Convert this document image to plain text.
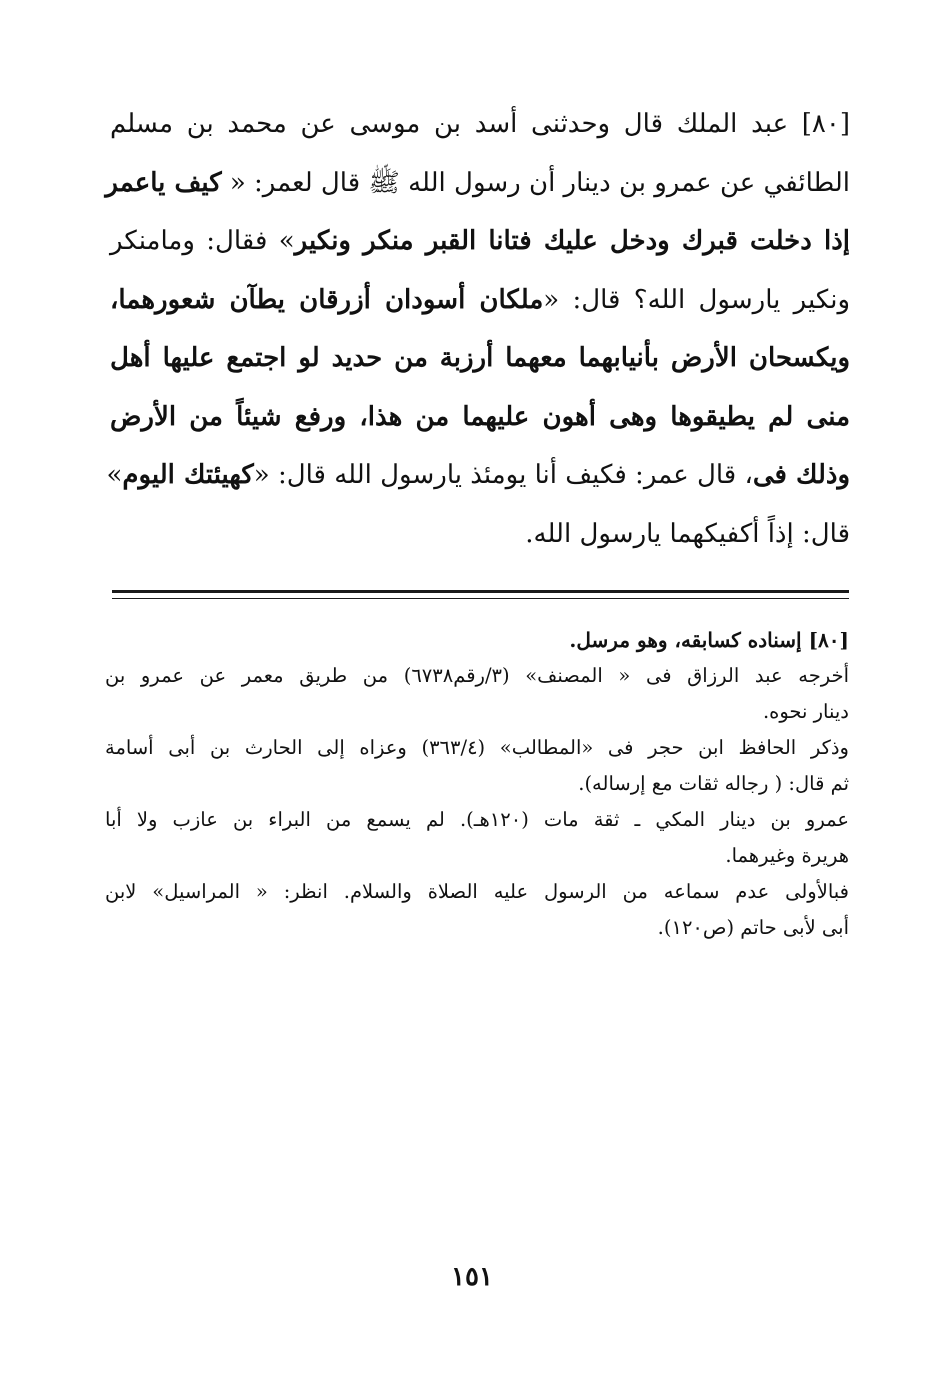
[٨٠] عبد الملك قال وحدثنى أسد بن موسى عن محمد بن مسلم
الطائفي عن عمرو بن دينار أن رسول الله ﷺ قال لعمر: « كيف ياعمر
إذا دخلت قبرك ودخل عليك فتانا القبر منكر ونكير» فقال: ومامنكر
ونكير يارسول الله؟ قال: «ملكان أسودان أزرقان يطآن شعورهما،
ويكسحان الأرض بأنيابهما معهما أرزبة من حديد لو اجتمع عليها أهل
منى لم يطيقوها وهى أهون عليهما من هذا، ورفع شيئاً من الأرض
وذلك فى، قال عمر: فكيف أنا يومئذ يارسول الله قال: «كهيئتك اليوم»
قال: إذاً أكفيكهما يارسول الله.
[٨٠] إسناده كسابقه، وهو مرسل.
أخرجه عبد الرزاق فى « المصنف» (٣/رقم٦٧٣٨) من طريق معمر عن عمرو بن
دينار نحوه.
وذكر الحافظ ابن حجر فى «المطالب» (٣٦٣/٤) وعزاه إلى الحارث بن أبى أسامة
ثم قال: ( رجاله ثقات مع إرساله).
عمرو بن دينار المكي ـ ثقة مات (١٢٠هـ). لم يسمع من البراء بن عازب ولا أبا
هريرة وغيرهما.
فبالأولى عدم سماعه من الرسول عليه الصلاة والسلام. انظر: « المراسيل» لابن
أبى لأبى حاتم (ص١٢٠).
١٥١
